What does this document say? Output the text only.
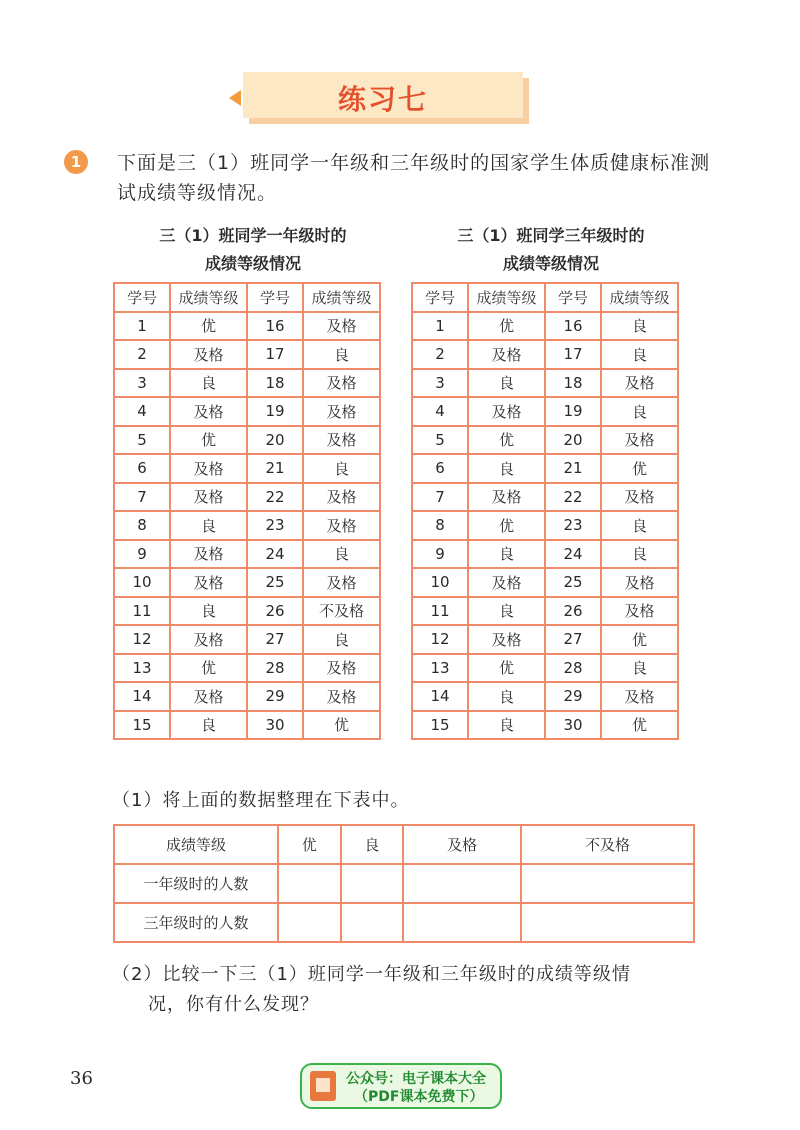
练习七
1	下面是三（1）班同学一年级和三年级时的国家学生体质健康标准测试成绩等级情况。
三（1）班同学一年级时的
成绩等级情况
三（1）班同学三年级时的
成绩等级情况
学号	成绩等级	学号	成绩等级
1	优	16	及格
2	及格	17	良
3	良	18	及格
4	及格	19	及格
5	优	20	及格
6	及格	21	良
7	及格	22	及格
8	良	23	及格
9	及格	24	良
10	及格	25	及格
11	良	26	不及格
12	及格	27	良
13	优	28	及格
14	及格	29	及格
15	良	30	优
学号	成绩等级	学号	成绩等级
1	优	16	良
2	及格	17	良
3	良	18	及格
4	及格	19	良
5	优	20	及格
6	良	21	优
7	及格	22	及格
8	优	23	良
9	良	24	良
10	及格	25	及格
11	良	26	及格
12	及格	27	优
13	优	28	良
14	良	29	及格
15	良	30	优
（1）将上面的数据整理在下表中。
成绩等级	优	良	及格	不及格
一年级时的人数				
三年级时的人数				
（2）比较一下三（1）班同学一年级和三年级时的成绩等级情
况，你有什么发现？
36	公众号：电子课本大全
（PDF课本免费下）
